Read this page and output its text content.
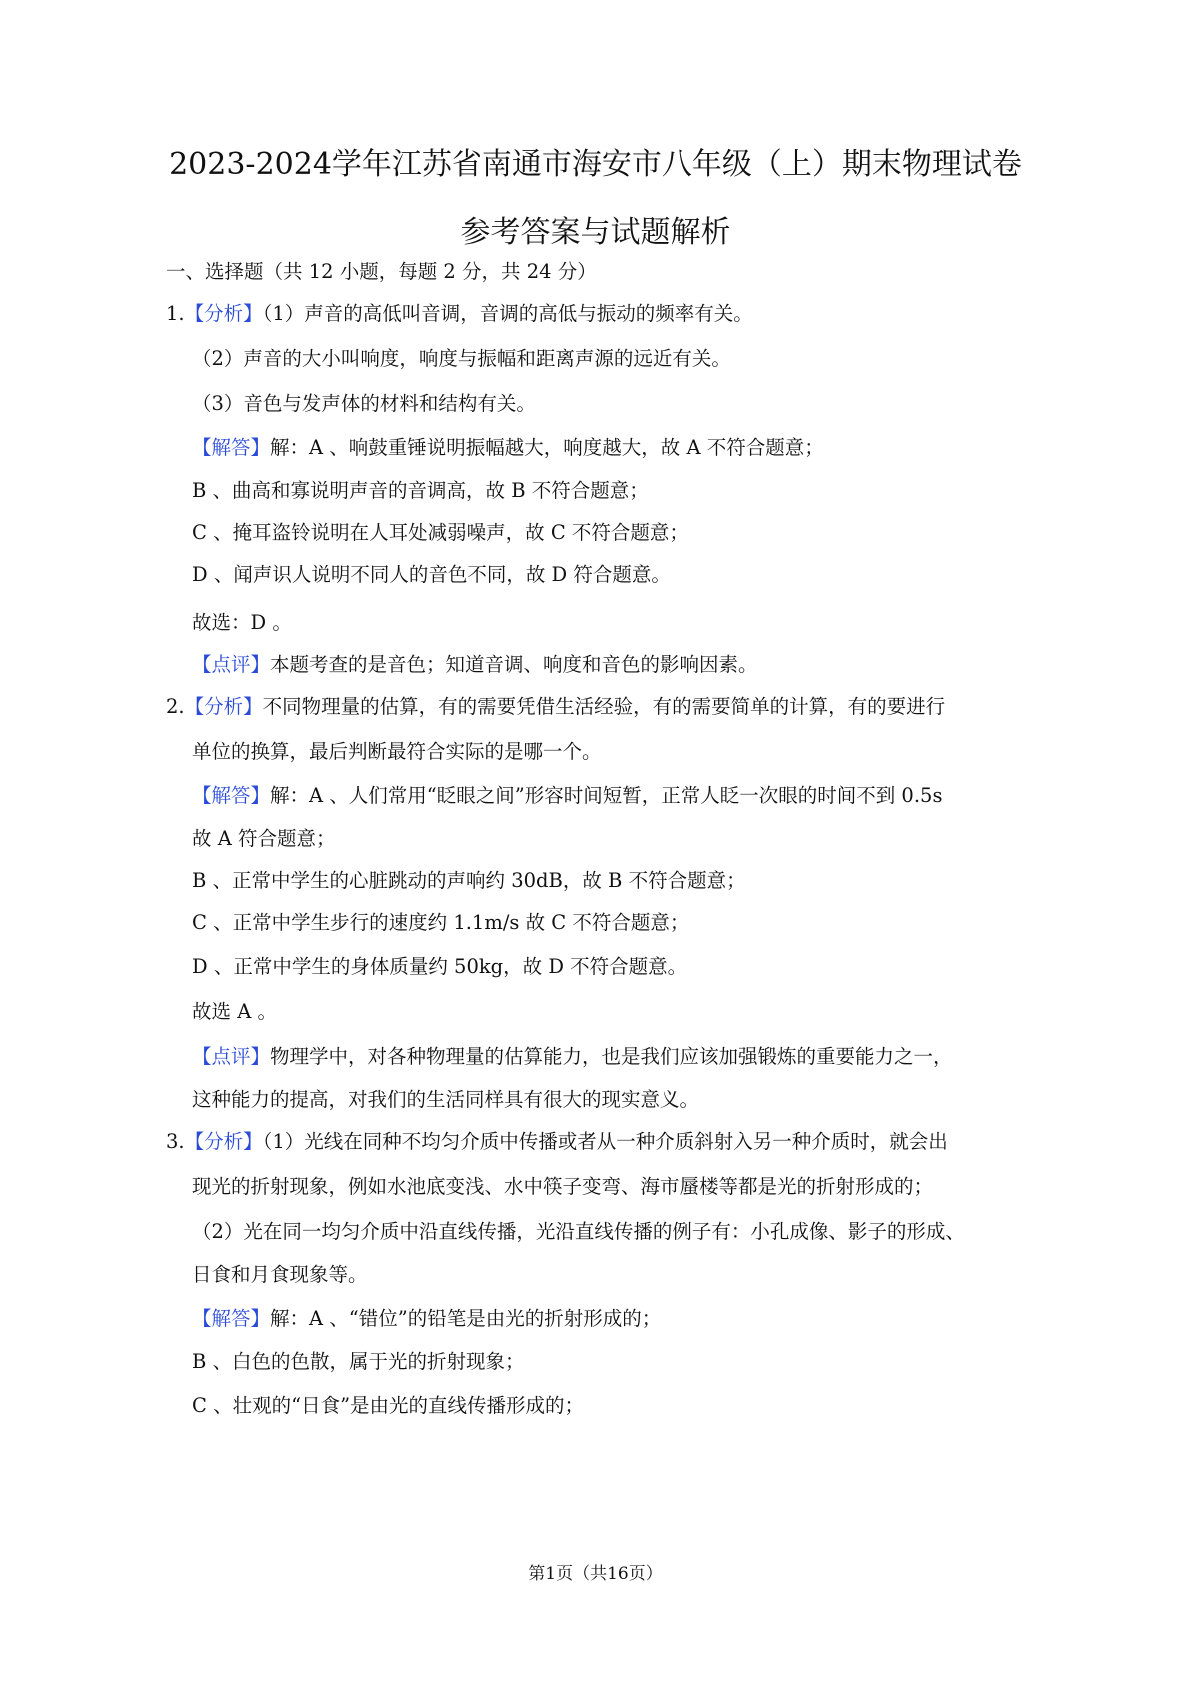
2023-2024学年江苏省南通市海安市八年级（上）期末物理试卷
参考答案与试题解析
一、选择题（共 12 小题，每题 2 分，共 24 分）
1.【分析】（1）声音的高低叫音调，音调的高低与振动的频率有关。
（2）声音的大小叫响度，响度与振幅和距离声源的远近有关。
（3）音色与发声体的材料和结构有关。
【解答】解：A 、响鼓重锤说明振幅越大，响度越大，故 A 不符合题意；
B 、曲高和寡说明声音的音调高，故 B 不符合题意；
C 、掩耳盗铃说明在人耳处减弱噪声，故 C 不符合题意；
D 、闻声识人说明不同人的音色不同，故 D 符合题意。
故选：D 。
【点评】本题考查的是音色；知道音调、响度和音色的影响因素。
2.【分析】不同物理量的估算，有的需要凭借生活经验，有的需要简单的计算，有的要进行
单位的换算，最后判断最符合实际的是哪一个。
【解答】解：A 、人们常用“眨眼之间”形容时间短暂，正常人眨一次眼的时间不到 0.5s
故 A 符合题意；
B 、正常中学生的心脏跳动的声响约 30dB，故 B 不符合题意；
C 、正常中学生步行的速度约 1.1m/s 故 C 不符合题意；
D 、正常中学生的身体质量约 50kg，故 D 不符合题意。
故选 A 。
【点评】物理学中，对各种物理量的估算能力，也是我们应该加强锻炼的重要能力之一，
这种能力的提高，对我们的生活同样具有很大的现实意义。
3.【分析】（1）光线在同种不均匀介质中传播或者从一种介质斜射入另一种介质时，就会出
现光的折射现象，例如水池底变浅、水中筷子变弯、海市蜃楼等都是光的折射形成的；
（2）光在同一均匀介质中沿直线传播，光沿直线传播的例子有：小孔成像、影子的形成、
日食和月食现象等。
【解答】解：A 、“错位”的铅笔是由光的折射形成的；
B 、白色的色散，属于光的折射现象；
C 、壮观的“日食”是由光的直线传播形成的；
第1页（共16页）
